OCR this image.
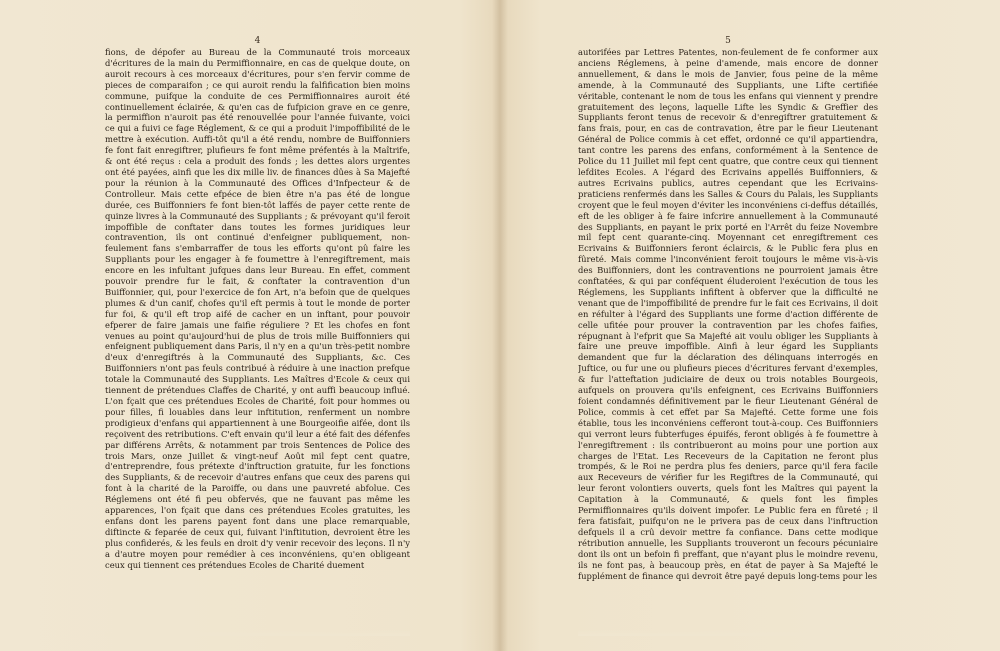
4

fions, de dépofer au Bureau de la Communauté trois morceaux d'écritures de la main du Permiffionnaire, en cas de quelque doute, on auroit recours à ces morceaux d'écritures, pour s'en fervir comme de pieces de comparaifon ; ce qui auroit rendu la falfification bien moins commune, puifque la conduite de ces Permiffionnaires auroit été continuellement éclairée, & qu'en cas de fufpicion grave en ce genre, la permiffion n'auroit pas été renouvellée pour l'année fuivante, voici ce qui a fuivi ce fage Réglement, & ce qui a produit l'impoffibilité de le mettre à exécution. Auffi-tôt qu'il a été rendu, nombre de Buiffonniers fe font fait enregiftrer, plufieurs fe font même préfentés à la Maîtrife, & ont été reçus : cela a produit des fonds ; les dettes alors urgentes ont été payées, ainfi que les dix mille liv. de finances dûes à Sa Majefté pour la réunion à la Communauté des Offices d'Infpecteur & de Controlleur. Mais cette efpéce de bien être n'a pas été de longue durée, ces Buiffonniers fe font bien-tôt laffés de payer cette rente de quinze livres à la Communauté des Suppliants ; & prévoyant qu'il feroit impoffible de conftater dans toutes les formes juridiques leur contravention, ils ont continué d'enfeigner publiquement, non-feulement fans s'embarraffer de tous les efforts qu'ont pû faire les Suppliants pour les engager à fe foumettre à l'enregiftrement, mais encore en les infultant jufques dans leur Bureau. En effet, comment pouvoir prendre fur le fait, & conftater la contravention d'un Buiffonnier, qui, pour l'exercice de fon Art, n'a befoin que de quelques plumes & d'un canif, chofes qu'il eft permis à tout le monde de porter fur foi, & qu'il eft trop aifé de cacher en un inftant, pour pouvoir efperer de faire jamais une faifie réguliere ? Et les chofes en font venues au point qu'aujourd'hui de plus de trois mille Buiffonniers qui enfeignent publiquement dans Paris, il n'y en a qu'un très-petit nombre d'eux d'enregiftrés à la Communauté des Suppliants, &c. Ces Buiffonniers n'ont pas feuls contribué à réduire à une inaction prefque totale la Communauté des Suppliants. Les Maîtres d'Ecole & ceux qui tiennent de prétendues Claffes de Charité, y ont auffi beaucoup influé. L'on fçait que ces prétendues Ecoles de Charité, foit pour hommes ou pour filles, fi louables dans leur inftitution, renferment un nombre prodigieux d'enfans qui appartiennent à une Bourgeoifie aifée, dont ils reçoivent des retributions. C'eft envain qu'il leur a été fait des défenfes par différens Arrêts, & notamment par trois Sentences de Police des trois Mars, onze Juillet & vingt-neuf Août mil fept cent quatre, d'entreprendre, fous prétexte d'inftruction gratuite, fur les fonctions des Suppliants, & de recevoir d'autres enfans que ceux des parens qui font à la charité de la Paroiffe, ou dans une pauvreté abfolue. Ces Réglemens ont été fi peu obfervés, que ne fauvant pas même les apparences, l'on fçait que dans ces prétendues Ecoles gratuites, les enfans dont les parens payent font dans une place remarquable, diftincte & feparée de ceux qui, fuivant l'inftitution, devroient être les plus confiderés, & les feuls en droit d'y venir recevoir des leçons. Il n'y a d'autre moyen pour remédier à ces inconvéniens, qu'en obligeant ceux qui tiennent ces prétendues Ecoles de Charité duement

5

autorifées par Lettres Patentes, non-feulement de fe conformer aux anciens Réglemens, à peine d'amende, mais encore de donner annuellement, & dans le mois de Janvier, fous peine de la même amende, à la Communauté des Suppliants, une Lifte certifiée véritable, contenant le nom de tous les enfans qui viennent y prendre gratuitement des leçons, laquelle Lifte les Syndic & Greffier des Suppliants feront tenus de recevoir & d'enregiftrer gratuitement & fans frais, pour, en cas de contravation, être par le fieur Lieutenant Général de Police commis à cet effet, ordonné ce qu'il appartiendra, tant contre les parens des enfans, conformément à la Sentence de Police du 11 Juillet mil fept cent quatre, que contre ceux qui tiennent lefdites Ecoles. A l'égard des Ecrivains appellés Buiffonniers, & autres Ecrivains publics, autres cependant que les Ecrivains-praticiens renfermés dans les Salles & Cours du Palais, les Suppliants croyent que le feul moyen d'éviter les inconvéniens ci-deffus détaillés, eft de les obliger à fe faire infcrire annuellement à la Communauté des Suppliants, en payant le prix porté en l'Arrêt du feize Novembre mil fept cent quarante-cinq. Moyennant cet enregiftrement ces Ecrivains & Buiffonniers feront éclaircis, & le Public fera plus en fûreté. Mais comme l'inconvénient feroit toujours le même vis-à-vis des Buiffonniers, dont les contraventions ne pourroient jamais être conftatées, & qui par conféquent éluderoient l'exécution de tous les Réglemens, les Suppliants infiftent à obferver que la difficulté ne venant que de l'impoffibilité de prendre fur le fait ces Ecrivains, il doit en réfulter à l'égard des Suppliants une forme d'action différente de celle ufitée pour prouver la contravention par les chofes faifies, répugnant à l'efprit que Sa Majefté ait voulu obliger les Suppliants à faire une preuve impoffible. Ainfi à leur égard les Suppliants demandent que fur la déclaration des délinquans interrogés en Juftice, ou fur une ou plufieurs pieces d'écritures fervant d'exemples, & fur l'atteftation judiciaire de deux ou trois notables Bourgeois, aufquels on prouvera qu'ils enfeignent, ces Ecrivains Buiffonniers foient condamnés définitivement par le fieur Lieutenant Général de Police, commis à cet effet par Sa Majefté. Cette forme une fois établie, tous les inconvéniens cefferont tout-à-coup. Ces Buiffonniers qui verront leurs fubterfuges épuifés, feront obligés à fe foumettre à l'enregiftrement : ils contribueront au moins pour une portion aux charges de l'Etat. Les Receveurs de la Capitation ne feront plus trompés, & le Roi ne perdra plus fes deniers, parce qu'il fera facile aux Receveurs de vérifier fur les Regiftres de la Communauté, qui leur feront volontiers ouverts, quels font les Maîtres qui payent la Capitation à la Communauté, & quels font les fimples Permiffionnaires qu'ils doivent impofer. Le Public fera en fûreté ; il fera fatisfait, puifqu'on ne le privera pas de ceux dans l'inftruction defquels il a crû devoir mettre fa confiance. Dans cette modique rétribution annuelle, les Suppliants trouveront un fecours pécuniaire dont ils ont un befoin fi preffant, que n'ayant plus le moindre revenu, ils ne font pas, à beaucoup près, en état de payer à Sa Majefté le fupplément de finance qui devroit être payé depuis long-tems pour les
